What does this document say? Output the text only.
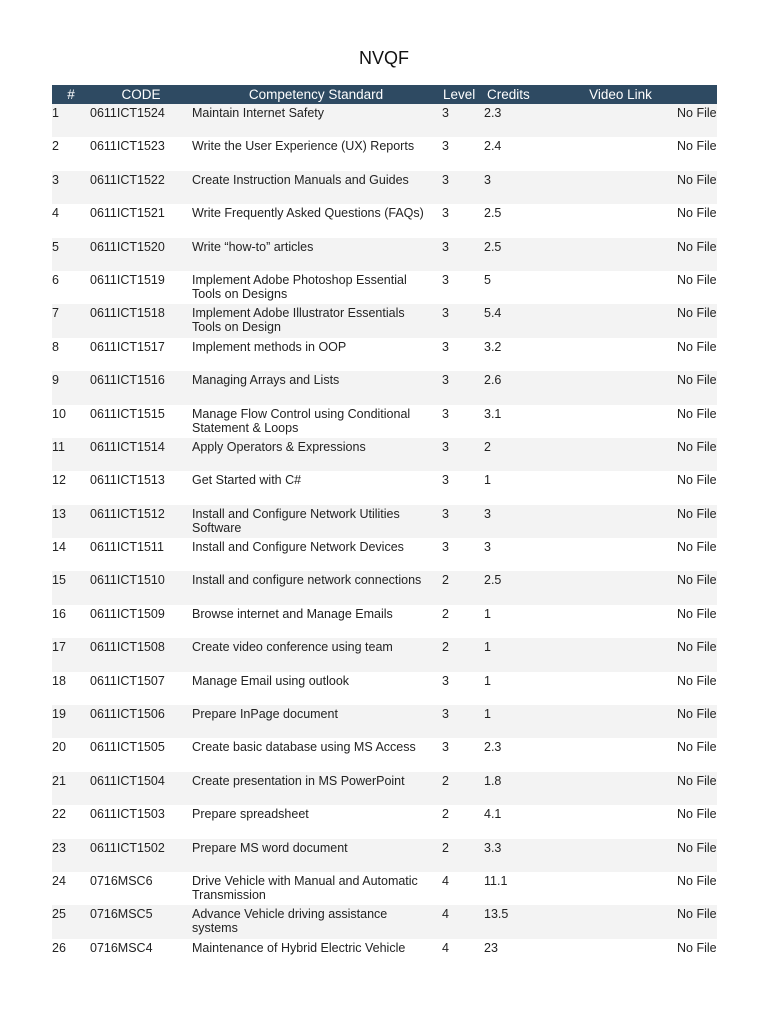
NVQF
#	CODE	Competency Standard	Level	Credits	Video Link	
1	0611ICT1524	Maintain Internet Safety	3	2.3		No File
2	0611ICT1523	Write the User Experience (UX) Reports	3	2.4		No File
3	0611ICT1522	Create Instruction Manuals and Guides	3	3		No File
4	0611ICT1521	Write Frequently Asked Questions (FAQs)	3	2.5		No File
5	0611ICT1520	Write “how-to” articles	3	2.5		No File
6	0611ICT1519	Implement Adobe Photoshop Essential Tools on Designs	3	5		No File
7	0611ICT1518	Implement Adobe Illustrator Essentials Tools on Design	3	5.4		No File
8	0611ICT1517	Implement methods in OOP	3	3.2		No File
9	0611ICT1516	Managing Arrays and Lists	3	2.6		No File
10	0611ICT1515	Manage Flow Control using Conditional Statement & Loops	3	3.1		No File
11	0611ICT1514	Apply Operators & Expressions	3	2		No File
12	0611ICT1513	Get Started with C#	3	1		No File
13	0611ICT1512	Install and Configure Network Utilities Software	3	3		No File
14	0611ICT1511	Install and Configure Network Devices	3	3		No File
15	0611ICT1510	Install and configure network connections	2	2.5		No File
16	0611ICT1509	Browse internet and Manage Emails	2	1		No File
17	0611ICT1508	Create video conference using team	2	1		No File
18	0611ICT1507	Manage Email using outlook	3	1		No File
19	0611ICT1506	Prepare InPage document	3	1		No File
20	0611ICT1505	Create basic database using MS Access	3	2.3		No File
21	0611ICT1504	Create presentation in MS PowerPoint	2	1.8		No File
22	0611ICT1503	Prepare spreadsheet	2	4.1		No File
23	0611ICT1502	Prepare MS word document	2	3.3		No File
24	0716MSC6	Drive Vehicle with Manual and Automatic Transmission	4	11.1		No File
25	0716MSC5	Advance Vehicle driving assistance systems	4	13.5		No File
26	0716MSC4	Maintenance of Hybrid Electric Vehicle	4	23		No File
